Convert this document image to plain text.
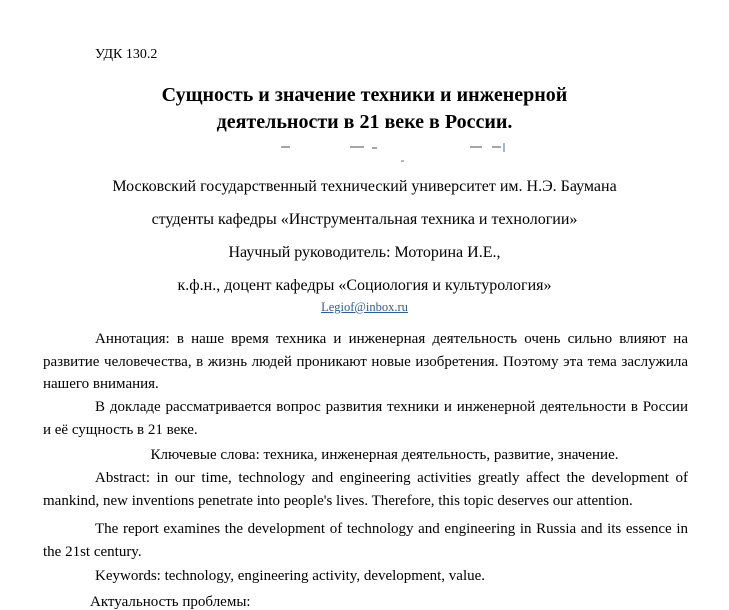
УДК 130.2
Сущность и значение техники и инженерной деятельности в 21 веке в России.
Московский государственный технический университет им. Н.Э. Баумана
студенты кафедры «Инструментальная техника и технологии»
Научный руководитель: Моторина И.Е.,
к.ф.н., доцент кафедры «Социология и культурология»
Legiof@inbox.ru
Аннотация: в наше время техника и инженерная деятельность очень сильно влияют на развитие человечества, в жизнь людей проникают новые изобретения. Поэтому эта тема заслужила нашего внимания.
В докладе рассматривается вопрос развития техники и инженерной деятельности в России и её сущность в 21 веке.
Ключевые слова: техника, инженерная деятельность, развитие, значение.
Abstract: in our time, technology and engineering activities greatly affect the development of mankind, new inventions penetrate into people's lives. Therefore, this topic deserves our attention.
The report examines the development of technology and engineering in Russia and its essence in the 21st century.
Keywords: technology, engineering activity, development, value.
Актуальность проблемы:
